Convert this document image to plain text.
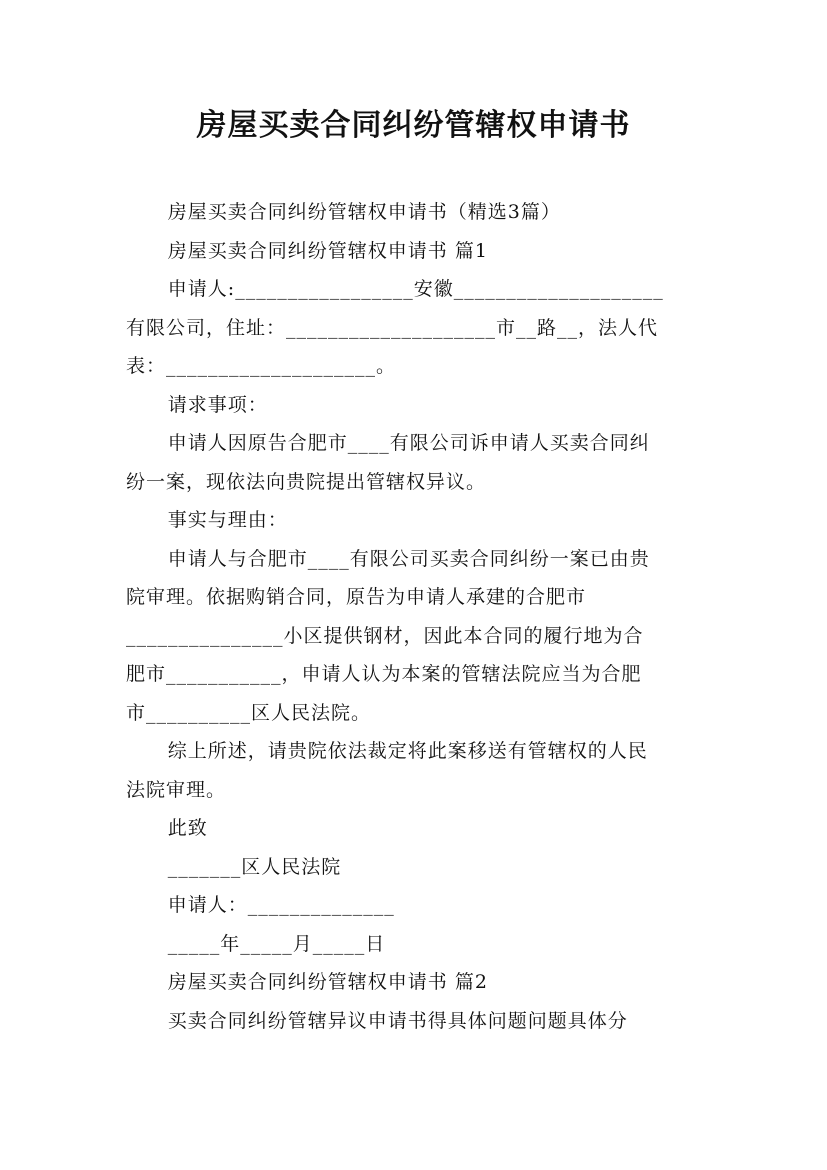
房屋买卖合同纠纷管辖权申请书

房屋买卖合同纠纷管辖权申请书（精选3篇）

房屋买卖合同纠纷管辖权申请书 篇1

申请人:_________________安徽____________________
有限公司，住址：____________________市__路__，法人代
表：____________________。

请求事项：

申请人因原告合肥市____有限公司诉申请人买卖合同纠
纷一案，现依法向贵院提出管辖权异议。

事实与理由：

申请人与合肥市____有限公司买卖合同纠纷一案已由贵
院审理。依据购销合同，原告为申请人承建的合肥市
_______________小区提供钢材，因此本合同的履行地为合
肥市___________，申请人认为本案的管辖法院应当为合肥
市__________区人民法院。

综上所述，请贵院依法裁定将此案移送有管辖权的人民
法院审理。

此致

_______区人民法院

申请人：______________

_____年_____月_____日

房屋买卖合同纠纷管辖权申请书 篇2

买卖合同纠纷管辖异议申请书得具体问题问题具体分
